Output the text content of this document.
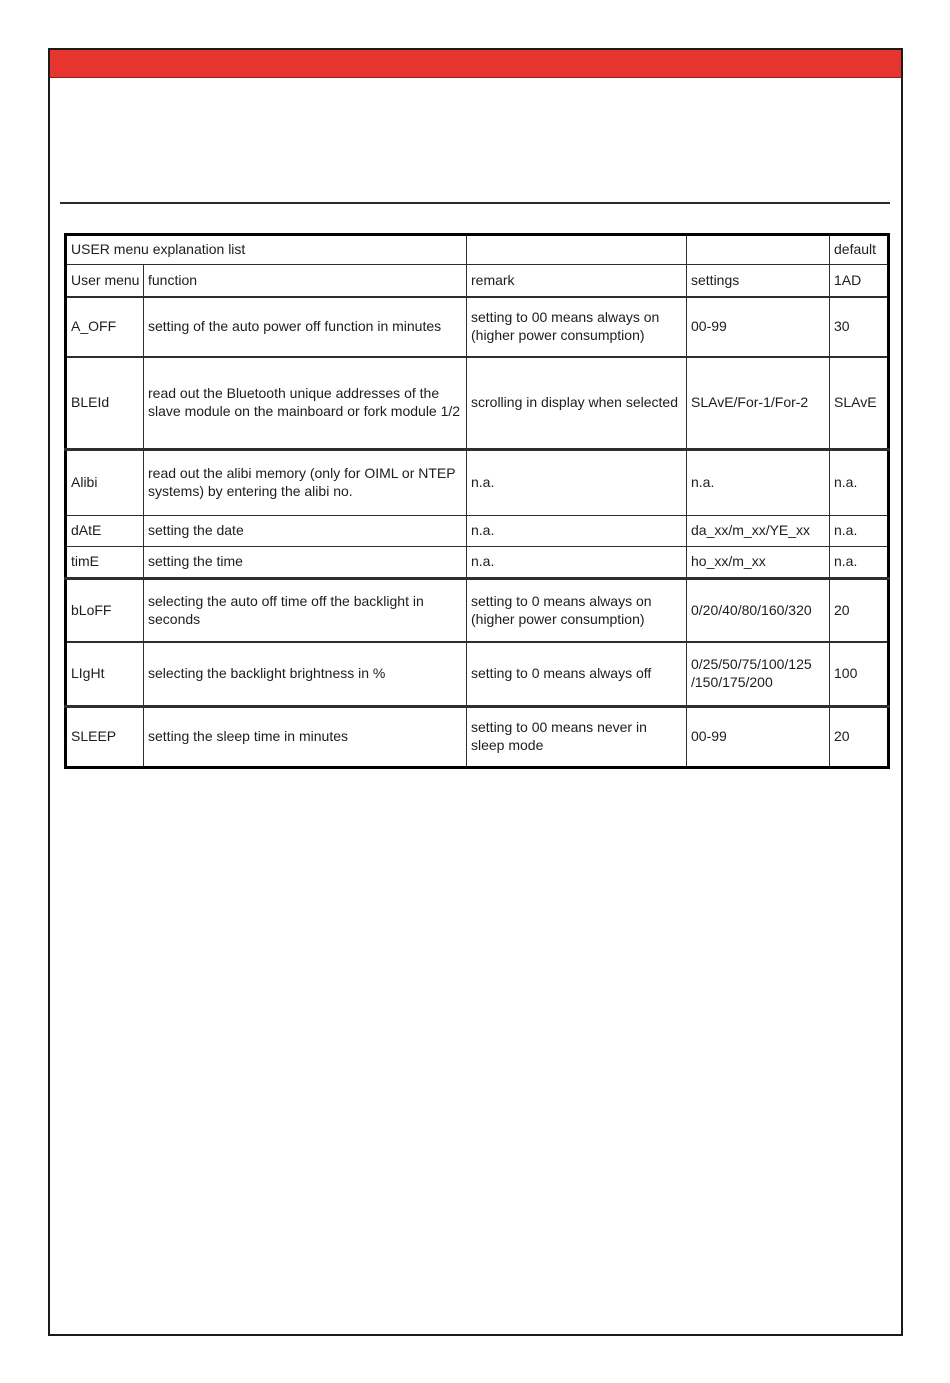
USER menu explanation list				default
User menu	function	remark	settings	1AD
A_OFF	setting of the auto power off function in minutes	setting to 00 means always on (higher power consumption)	00-99	30
BLEId	read out the Bluetooth unique addresses of the slave module on the mainboard or fork module 1/2	scrolling in display when selected	SLAvE/For-1/For-2	SLAvE
Alibi	read out the alibi memory (only for OIML or NTEP systems) by entering the alibi no.	n.a.	n.a.	n.a.
dAtE	setting the date	n.a.	da_xx/m_xx/YE_xx	n.a.
timE	setting the time	n.a.	ho_xx/m_xx	n.a.
bLoFF	selecting the auto off time off the backlight in seconds	setting to 0 means always on (higher power consumption)	0/20/40/80/160/320	20
LIgHt	selecting the backlight brightness in %	setting to 0 means always off	0/25/50/75/100/125 /150/175/200	100
SLEEP	setting the sleep time in minutes	setting to 00 means never in sleep mode	00-99	20
